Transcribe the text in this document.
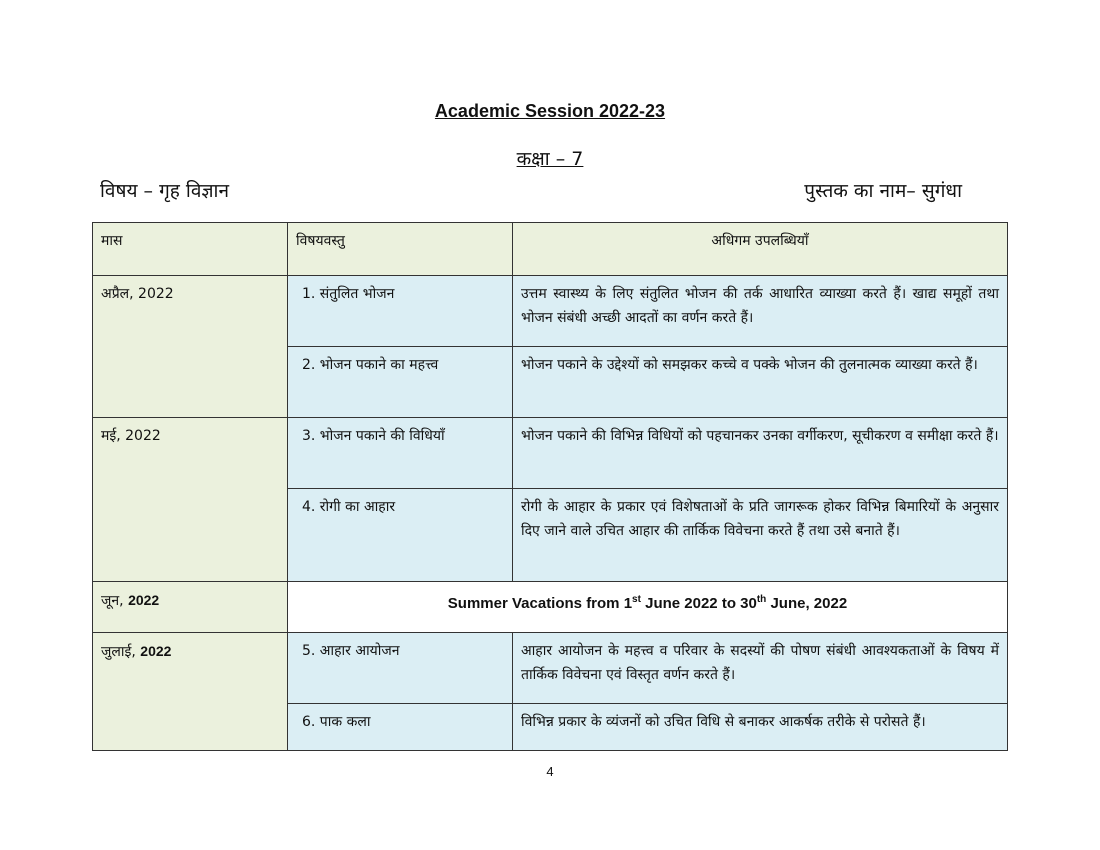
Academic Session 2022-23
कक्षा – 7
विषय – गृह विज्ञान	पुस्तक का नाम– सुगंधा
मास	विषयवस्तु	अधिगम उपलब्धियाँ
अप्रैल, 2022	1. संतुलित भोजन	उत्तम स्वास्थ्य के लिए संतुलित भोजन की तर्क आधारित व्याख्या करते हैं। खाद्य समूहों तथा भोजन संबंधी अच्छी आदतों का वर्णन करते हैं।
	2. भोजन पकाने का महत्त्व	भोजन पकाने के उद्देश्यों को समझकर कच्चे व पक्के भोजन की तुलनात्मक व्याख्या करते हैं।
मई, 2022	3. भोजन पकाने की विधियाँ	भोजन पकाने की विभिन्न विधियों को पहचानकर उनका वर्गीकरण, सूचीकरण व समीक्षा करते हैं।
	4. रोगी का आहार	रोगी के आहार के प्रकार एवं विशेषताओं के प्रति जागरूक होकर विभिन्न बिमारियों के अनुसार दिए जाने वाले उचित आहार की तार्किक विवेचना करते हैं तथा उसे बनाते हैं।
जून, 2022	Summer Vacations from 1st June 2022 to 30th June, 2022	
जुलाई, 2022	5. आहार आयोजन	आहार आयोजन के महत्त्व व परिवार के सदस्यों की पोषण संबंधी आवश्यकताओं के विषय में तार्किक विवेचना एवं विस्तृत वर्णन करते हैं।
	6. पाक कला	विभिन्न प्रकार के व्यंजनों को उचित विधि से बनाकर आकर्षक तरीके से परोसते हैं।
4
